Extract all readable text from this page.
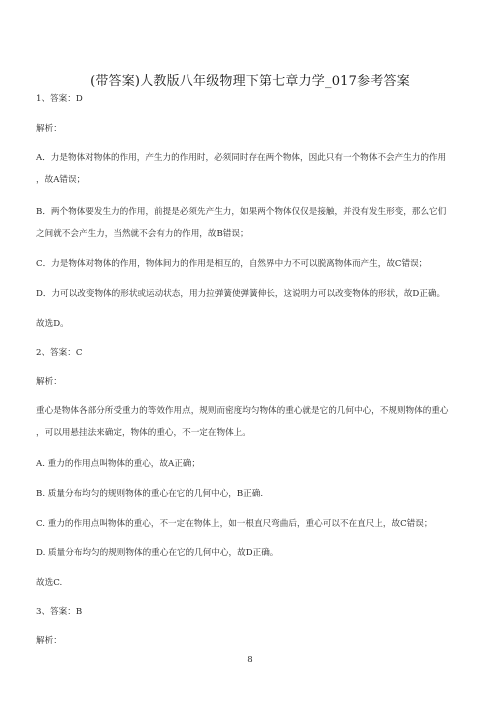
(带答案)人教版八年级物理下第七章力学_017参考答案
1、答案：D
解析：
A．力是物体对物体的作用，产生力的作用时，必须同时存在两个物体，因此只有一个物体不会产生力的作用
，故A错误；
B．两个物体要发生力的作用，前提是必须先产生力，如果两个物体仅仅是接触，并没有发生形变，那么它们
之间就不会产生力，当然就不会有力的作用，故B错误；
C．力是物体对物体的作用，物体间力的作用是相互的，自然界中力不可以脱离物体而产生，故C错误；
D．力可以改变物体的形状或运动状态，用力拉弹簧使弹簧伸长，这说明力可以改变物体的形状，故D正确。
故选D。
2、答案：C
解析：
重心是物体各部分所受重力的等效作用点，规则而密度均匀物体的重心就是它的几何中心，不规则物体的重心
，可以用悬挂法来确定，物体的重心，不一定在物体上。
A. 重力的作用点叫物体的重心，故A正确；
B. 质量分布均匀的规则物体的重心在它的几何中心，B正确.
C. 重力的作用点叫物体的重心，不一定在物体上，如一根直尺弯曲后，重心可以不在直尺上，故C错误；
D. 质量分布均匀的规则物体的重心在它的几何中心，故D正确。
故选C.
3、答案：B
解析：
8
